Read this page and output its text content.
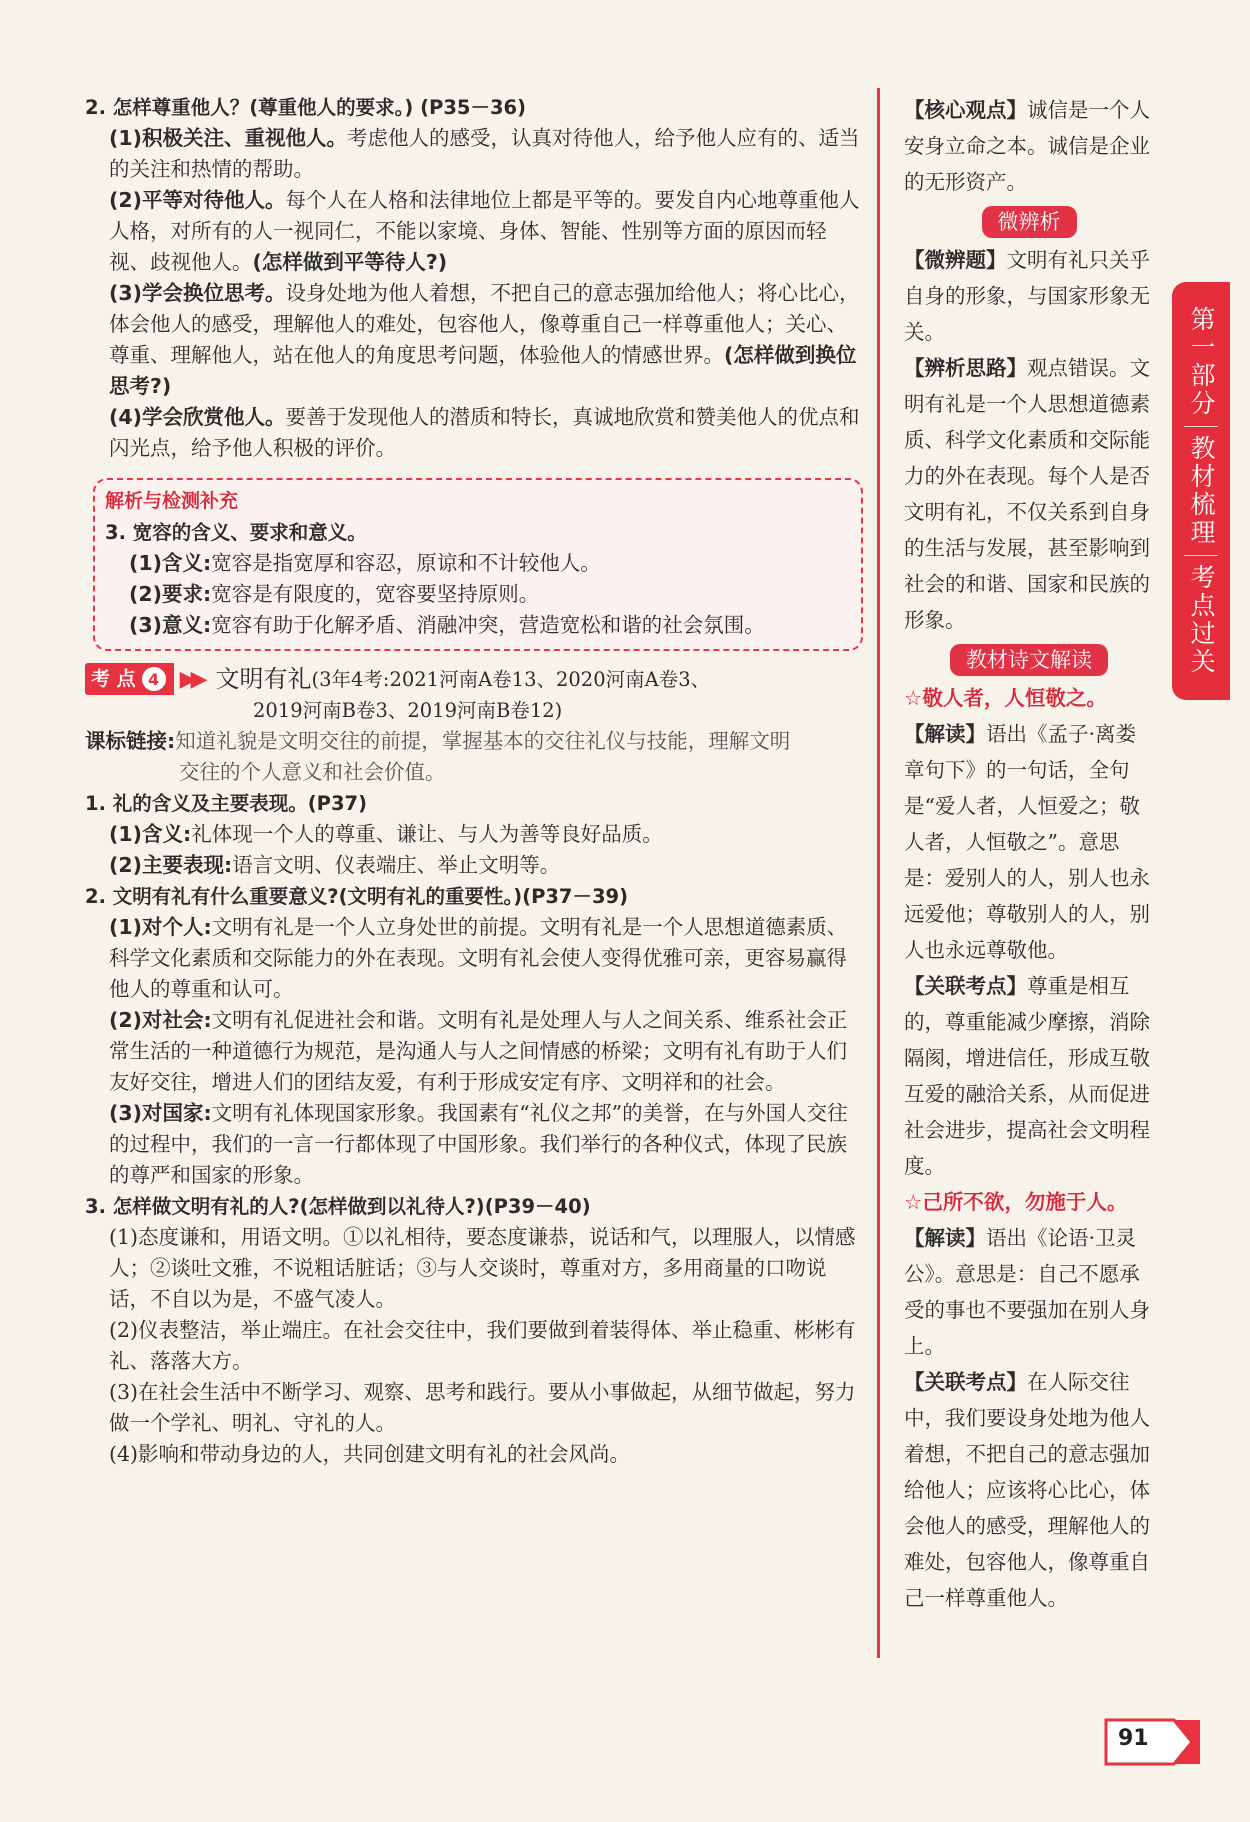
2. 怎样尊重他人？(尊重他人的要求。) (P35－36)

(1)积极关注、重视他人。考虑他人的感受，认真对待他人，给予他人应有的、适当的关注和热情的帮助。

(2)平等对待他人。每个人在人格和法律地位上都是平等的。要发自内心地尊重他人人格，对所有的人一视同仁，不能以家境、身体、智能、性别等方面的原因而轻视、歧视他人。(怎样做到平等待人?)

(3)学会换位思考。设身处地为他人着想，不把自己的意志强加给他人；将心比心，体会他人的感受，理解他人的难处，包容他人，像尊重自己一样尊重他人；关心、尊重、理解他人，站在他人的角度思考问题，体验他人的情感世界。(怎样做到换位思考?)

(4)学会欣赏他人。要善于发现他人的潜质和特长，真诚地欣赏和赞美他人的优点和闪光点，给予他人积极的评价。

解析与检测补充
3. 宽容的含义、要求和意义。

(1)含义:宽容是指宽厚和容忍，原谅和不计较他人。

(2)要求:宽容是有限度的，宽容要坚持原则。

(3)意义:宽容有助于化解矛盾、消融冲突，营造宽松和谐的社会氛围。

考 点 4 ▶▶ 文明有礼 (3年4考:2021河南A卷13、2020河南A卷3、

2019河南B卷3、2019河南B卷12)

课标链接:知道礼貌是文明交往的前提，掌握基本的交往礼仪与技能，理解文明

交往的个人意义和社会价值。

1. 礼的含义及主要表现。(P37)

(1)含义:礼体现一个人的尊重、谦让、与人为善等良好品质。

(2)主要表现:语言文明、仪表端庄、举止文明等。

2. 文明有礼有什么重要意义?(文明有礼的重要性。)(P37－39)

(1)对个人:文明有礼是一个人立身处世的前提。文明有礼是一个人思想道德素质、科学文化素质和交际能力的外在表现。文明有礼会使人变得优雅可亲，更容易赢得他人的尊重和认可。

(2)对社会:文明有礼促进社会和谐。文明有礼是处理人与人之间关系、维系社会正常生活的一种道德行为规范，是沟通人与人之间情感的桥梁；文明有礼有助于人们友好交往，增进人们的团结友爱，有利于形成安定有序、文明祥和的社会。

(3)对国家:文明有礼体现国家形象。我国素有“礼仪之邦”的美誉，在与外国人交往的过程中，我们的一言一行都体现了中国形象。我们举行的各种仪式，体现了民族的尊严和国家的形象。

3. 怎样做文明有礼的人?(怎样做到以礼待人?)(P39－40)

(1)态度谦和，用语文明。①以礼相待，要态度谦恭，说话和气，以理服人，以情感人；②谈吐文雅，不说粗话脏话；③与人交谈时，尊重对方，多用商量的口吻说话，不自以为是，不盛气凌人。

(2)仪表整洁，举止端庄。在社会交往中，我们要做到着装得体、举止稳重、彬彬有礼、落落大方。

(3)在社会生活中不断学习、观察、思考和践行。要从小事做起，从细节做起，努力做一个学礼、明礼、守礼的人。

(4)影响和带动身边的人，共同创建文明有礼的社会风尚。

【核心观点】诚信是一个人安身立命之本。诚信是企业的无形资产。

微辨析

【微辨题】文明有礼只关乎自身的形象，与国家形象无关。

【辨析思路】观点错误。文明有礼是一个人思想道德素质、科学文化素质和交际能力的外在表现。每个人是否文明有礼，不仅关系到自身的生活与发展，甚至影响到社会的和谐、国家和民族的形象。

教材诗文解读

☆敬人者，人恒敬之。

【解读】语出《孟子·离娄章句下》的一句话，全句是“爱人者，人恒爱之；敬人者，人恒敬之”。意思是：爱别人的人，别人也永远爱他；尊敬别人的人，别人也永远尊敬他。

【关联考点】尊重是相互的，尊重能减少摩擦，消除隔阂，增进信任，形成互敬互爱的融洽关系，从而促进社会进步，提高社会文明程度。

☆己所不欲，勿施于人。

【解读】语出《论语·卫灵公》。意思是：自己不愿承受的事也不要强加在别人身上。

【关联考点】在人际交往中，我们要设身处地为他人着想，不把自己的意志强加给他人；应该将心比心，体会他人的感受，理解他人的难处，包容他人，像尊重自己一样尊重他人。

第一部分
教材梳理
考点过关
91
